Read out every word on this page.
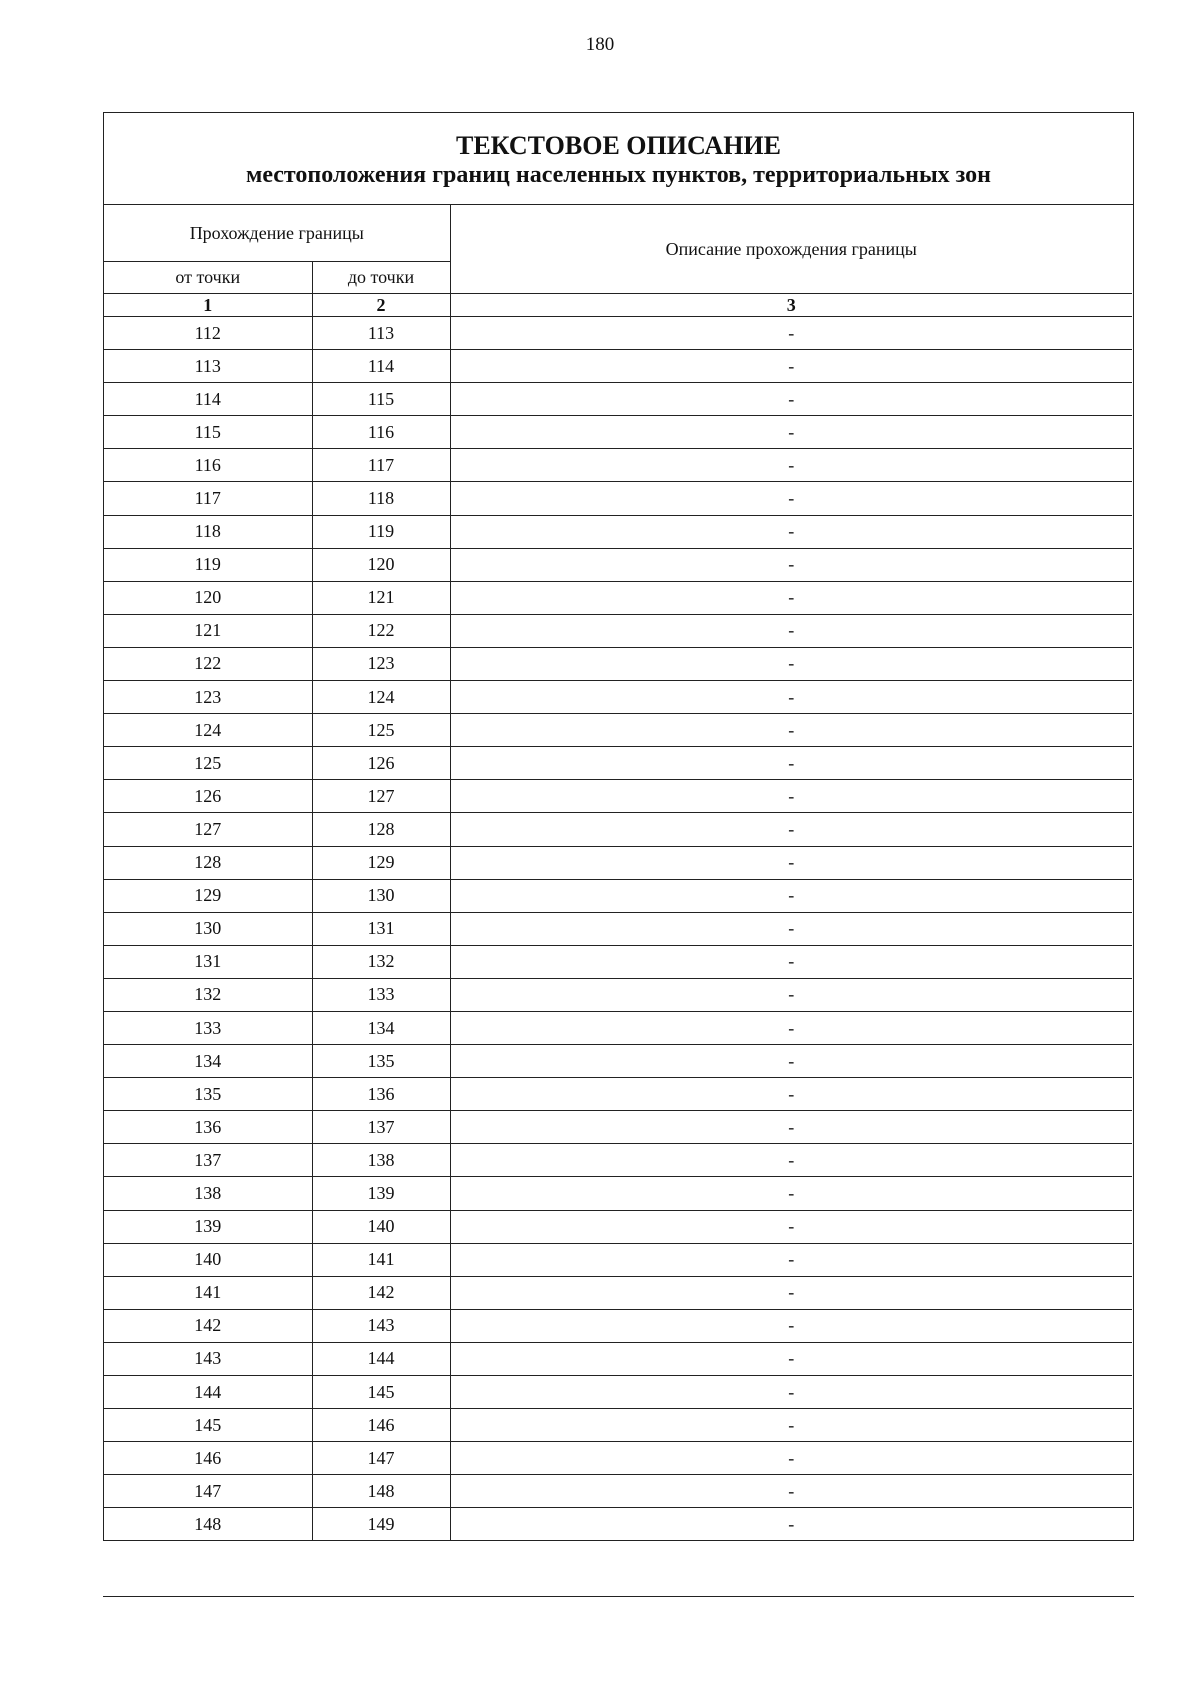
180
ТЕКСТОВОЕ ОПИСАНИЕ
местоположения границ населенных пунктов, территориальных зон
Прохождение границы		Описание прохождения границы
от точки	до точки	
1	2	3
112	113	-
113	114	-
114	115	-
115	116	-
116	117	-
117	118	-
118	119	-
119	120	-
120	121	-
121	122	-
122	123	-
123	124	-
124	125	-
125	126	-
126	127	-
127	128	-
128	129	-
129	130	-
130	131	-
131	132	-
132	133	-
133	134	-
134	135	-
135	136	-
136	137	-
137	138	-
138	139	-
139	140	-
140	141	-
141	142	-
142	143	-
143	144	-
144	145	-
145	146	-
146	147	-
147	148	-
148	149	-
